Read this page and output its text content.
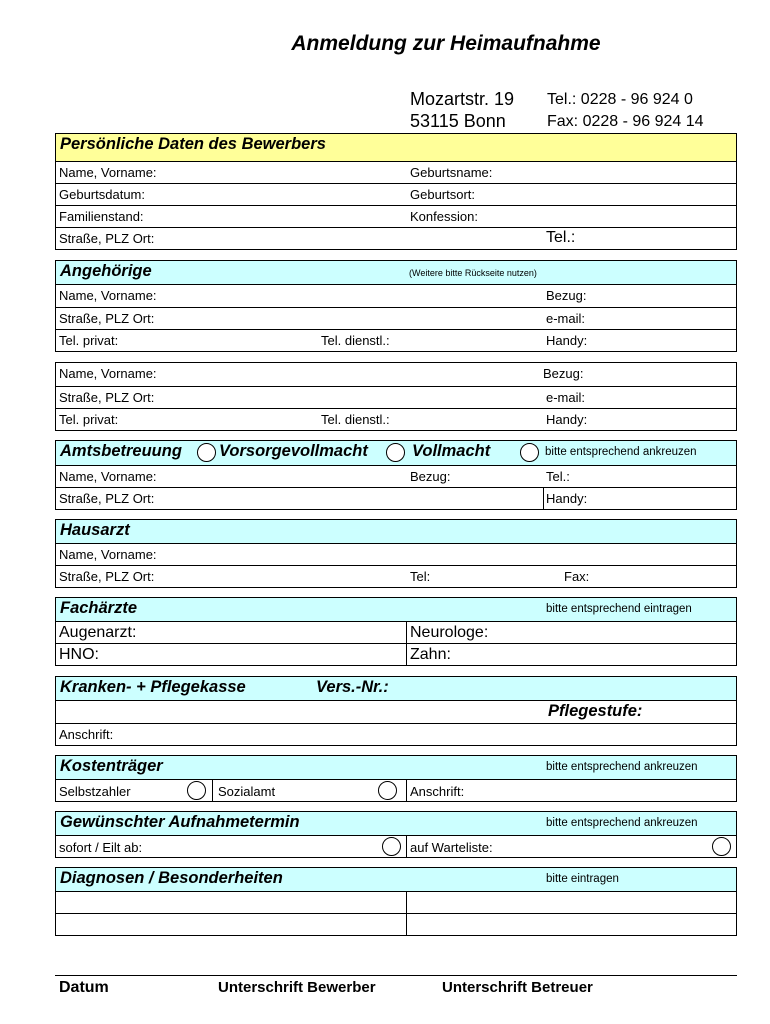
Anmeldung zur Heimaufnahme
Mozartstr. 19
53115 Bonn
Tel.: 0228 - 96 924 0
Fax: 0228 - 96 924 14
Persönliche Daten des Bewerbers
Name, Vorname:	Geburtsname:
Geburtsdatum:	Geburtsort:
Familienstand:	Konfession:
Straße, PLZ Ort:	Tel.:
Angehörige	(Weitere bitte Rückseite nutzen)
Name, Vorname:	Bezug:
Straße, PLZ Ort:	e-mail:
Tel. privat:	Tel. dienstl.:	Handy:
Name, Vorname:	Bezug:
Straße, PLZ Ort:	e-mail:
Tel. privat:	Tel. dienstl.:	Handy:
Amtsbetreuung Vorsorgevollmacht	Vollmacht	bitte entsprechend ankreuzen
Name, Vorname:	Bezug:	Tel.:
Straße, PLZ Ort:	Handy:
Hausarzt
Name, Vorname:
Straße, PLZ Ort:	Tel:	Fax:
Fachärzte	bitte entsprechend eintragen
Augenarzt:	Neurologe:
HNO:	Zahn:
Kranken- + Pflegekasse	Vers.-Nr.:
Pflegestufe:
Anschrift:
Kostenträger	bitte entsprechend ankreuzen
Selbstzahler	Sozialamt	Anschrift:
Gewünschter Aufnahmetermin	bitte entsprechend ankreuzen
sofort / Eilt ab:	auf Warteliste:
Diagnosen / Besonderheiten	bitte eintragen
Datum	Unterschrift Bewerber	Unterschrift Betreuer
